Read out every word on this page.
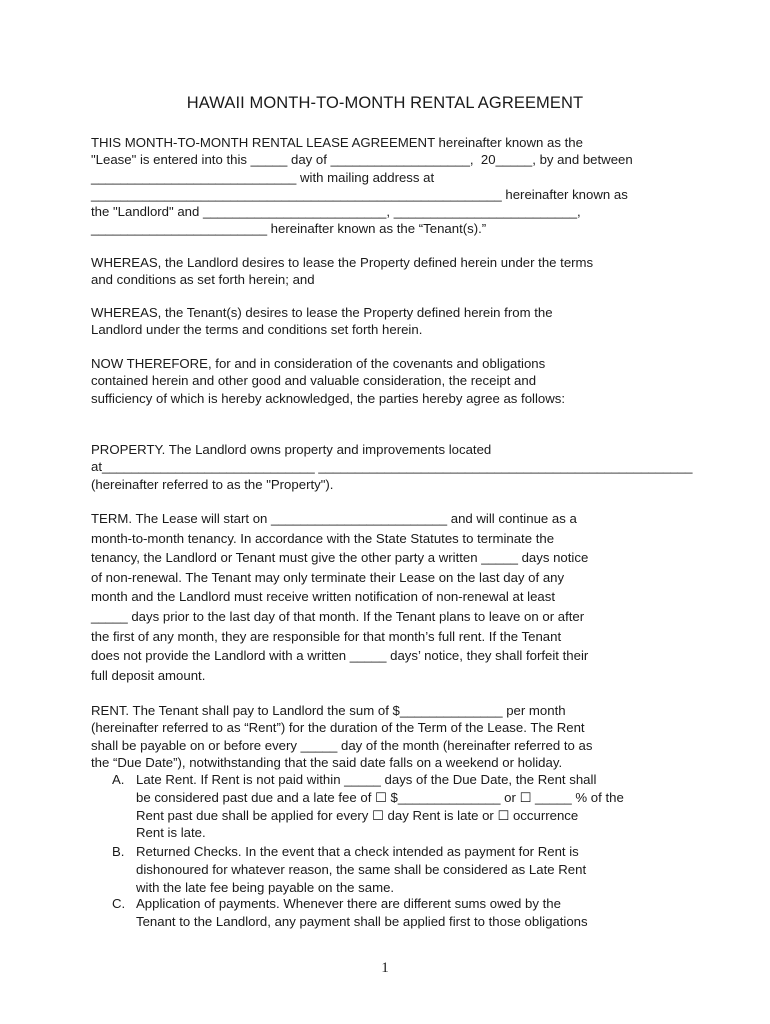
HAWAII MONTH-TO-MONTH RENTAL AGREEMENT
THIS MONTH-TO-MONTH RENTAL LEASE AGREEMENT hereinafter known as the
"Lease" is entered into this _____ day of ___________________,  20_____, by and between
____________________________ with mailing address at
________________________________________________________ hereinafter known as
the "Landlord" and _________________________, _________________________,
________________________ hereinafter known as the “Tenant(s).”
WHEREAS, the Landlord desires to lease the Property defined herein under the terms
and conditions as set forth herein; and
WHEREAS, the Tenant(s) desires to lease the Property defined herein from the
Landlord under the terms and conditions set forth herein.
NOW THEREFORE, for and in consideration of the covenants and obligations
contained herein and other good and valuable consideration, the receipt and
sufficiency of which is hereby acknowledged, the parties hereby agree as follows:
PROPERTY. The Landlord owns property and improvements located
at_____________________________ ___________________________________________________
(hereinafter referred to as the "Property").
TERM. The Lease will start on ________________________ and will continue as a
month-to-month tenancy. In accordance with the State Statutes to terminate the
tenancy, the Landlord or Tenant must give the other party a written _____ days notice
of non-renewal. The Tenant may only terminate their Lease on the last day of any
month and the Landlord must receive written notification of non-renewal at least
_____ days prior to the last day of that month. If the Tenant plans to leave on or after
the first of any month, they are responsible for that month’s full rent. If the Tenant
does not provide the Landlord with a written _____ days’ notice, they shall forfeit their
full deposit amount.
RENT. The Tenant shall pay to Landlord the sum of $______________ per month
(hereinafter referred to as “Rent”) for the duration of the Term of the Lease. The Rent
shall be payable on or before every _____ day of the month (hereinafter referred to as
the “Due Date”), notwithstanding that the said date falls on a weekend or holiday.
A. Late Rent. If Rent is not paid within _____ days of the Due Date, the Rent shall
be considered past due and a late fee of ☐ $______________ or ☐ _____ % of the
Rent past due shall be applied for every ☐ day Rent is late or ☐ occurrence
Rent is late.
B. Returned Checks. In the event that a check intended as payment for Rent is
dishonoured for whatever reason, the same shall be considered as Late Rent
with the late fee being payable on the same.
C. Application of payments. Whenever there are different sums owed by the
Tenant to the Landlord, any payment shall be applied first to those obligations
1
